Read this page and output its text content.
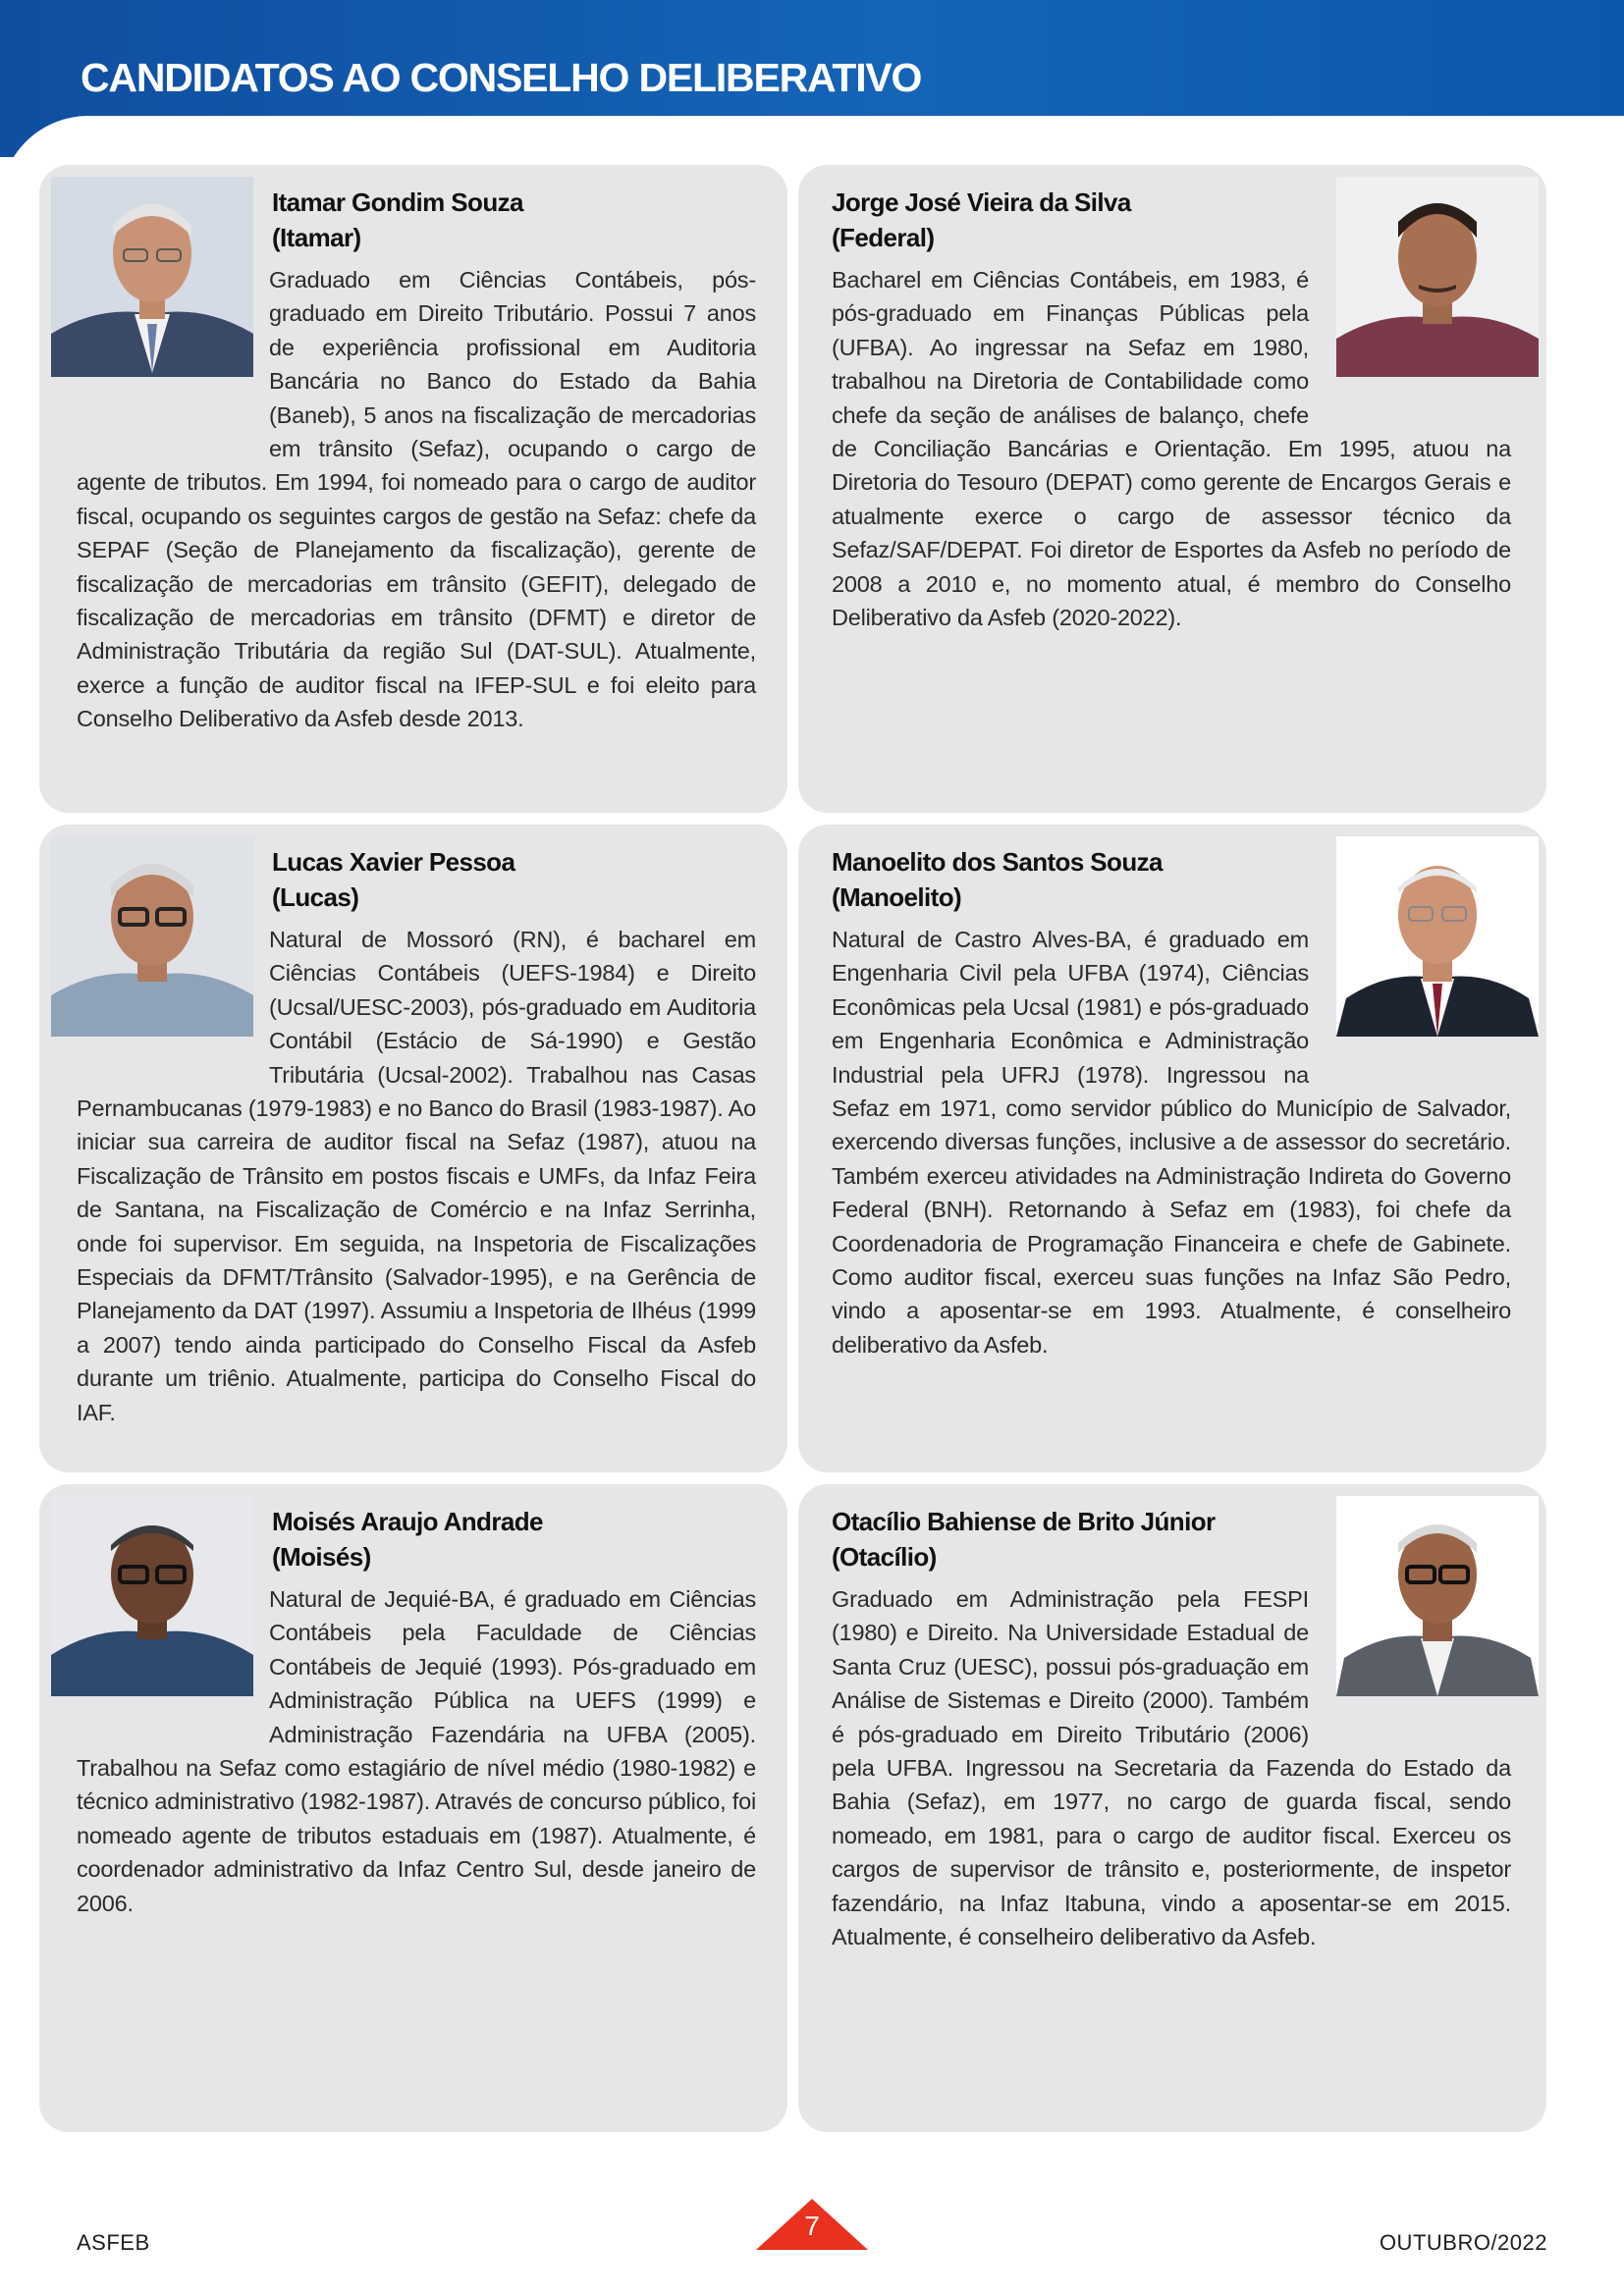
CANDIDATOS AO CONSELHO DELIBERATIVO
Itamar Gondim Souza
(Itamar)

Graduado em Ciências Contábeis, pós-graduado em Direito Tributário. Possui 7 anos de experiência profissional em Auditoria Bancária no Banco do Estado da Bahia (Baneb), 5 anos na fiscalização de mercadorias em trânsito (Sefaz), ocupando o cargo de agente de tributos. Em 1994, foi nomeado para o cargo de auditor fiscal, ocupando os seguintes cargos de gestão na Sefaz: chefe da SEPAF (Seção de Planejamento da fiscalização), gerente de fiscalização de mercadorias em trânsito (GEFIT), delegado de fiscalização de mercadorias em trânsito (DFMT) e diretor de Administração Tributária da região Sul (DAT-SUL). Atualmente, exerce a função de auditor fiscal na IFEP-SUL e foi eleito para Conselho Deliberativo da Asfeb desde 2013.

Jorge José Vieira da Silva
(Federal)

Bacharel em Ciências Contábeis, em 1983, é pós-graduado em Finanças Públicas pela (UFBA). Ao ingressar na Sefaz em 1980, trabalhou na Diretoria de Contabilidade como chefe da seção de análises de balanço, chefe de Conciliação Bancárias e Orientação. Em 1995, atuou na Diretoria do Tesouro (DEPAT) como gerente de Encargos Gerais e atualmente exerce o cargo de assessor técnico da Sefaz/SAF/DEPAT. Foi diretor de Esportes da Asfeb no período de 2008 a 2010 e, no momento atual, é membro do Conselho Deliberativo da Asfeb (2020-2022).

Lucas Xavier Pessoa
(Lucas)

Natural de Mossoró (RN), é bacharel em Ciências Contábeis (UEFS-1984) e Direito (Ucsal/UESC-2003), pós-graduado em Auditoria Contábil (Estácio de Sá-1990) e Gestão Tributária (Ucsal-2002). Trabalhou nas Casas Pernambucanas (1979-1983) e no Banco do Brasil (1983-1987). Ao iniciar sua carreira de auditor fiscal na Sefaz (1987), atuou na Fiscalização de Trânsito em postos fiscais e UMFs, da Infaz Feira de Santana, na Fiscalização de Comércio e na Infaz Serrinha, onde foi supervisor. Em seguida, na Inspetoria de Fiscalizações Especiais da DFMT/Trânsito (Salvador-1995), e na Gerência de Planejamento da DAT (1997). Assumiu a Inspetoria de Ilhéus (1999 a 2007) tendo ainda participado do Conselho Fiscal da Asfeb durante um triênio. Atualmente, participa do Conselho Fiscal do IAF.

Manoelito dos Santos Souza
(Manoelito)

Natural de Castro Alves-BA, é graduado em Engenharia Civil pela UFBA (1974), Ciências Econômicas pela Ucsal (1981) e pós-graduado em Engenharia Econômica e Administração Industrial pela UFRJ (1978). Ingressou na Sefaz em 1971, como servidor público do Município de Salvador, exercendo diversas funções, inclusive a de assessor do secretário. Também exerceu atividades na Administração Indireta do Governo Federal (BNH). Retornando à Sefaz em (1983), foi chefe da Coordenadoria de Programação Financeira e chefe de Gabinete. Como auditor fiscal, exerceu suas funções na Infaz São Pedro, vindo a aposentar-se em 1993. Atualmente, é conselheiro deliberativo da Asfeb.

Moisés Araujo Andrade
(Moisés)

Natural de Jequié-BA, é graduado em Ciências Contábeis pela Faculdade de Ciências Contábeis de Jequié (1993). Pós-graduado em Administração Pública na UEFS (1999) e Administração Fazendária na UFBA (2005). Trabalhou na Sefaz como estagiário de nível médio (1980-1982) e técnico administrativo (1982-1987). Através de concurso público, foi nomeado agente de tributos estaduais em (1987). Atualmente, é coordenador administrativo da Infaz Centro Sul, desde janeiro de 2006.

Otacílio Bahiense de Brito Júnior
(Otacílio)

Graduado em Administração pela FESPI (1980) e Direito. Na Universidade Estadual de Santa Cruz (UESC), possui pós-graduação em Análise de Sistemas e Direito (2000). Também é pós-graduado em Direito Tributário (2006) pela UFBA. Ingressou na Secretaria da Fazenda do Estado da Bahia (Sefaz), em 1977, no cargo de guarda fiscal, sendo nomeado, em 1981, para o cargo de auditor fiscal. Exerceu os cargos de supervisor de trânsito e, posteriormente, de inspetor fazendário, na Infaz Itabuna, vindo a aposentar-se em 2015. Atualmente, é conselheiro deliberativo da Asfeb.

ASFEB
7
OUTUBRO/2022
